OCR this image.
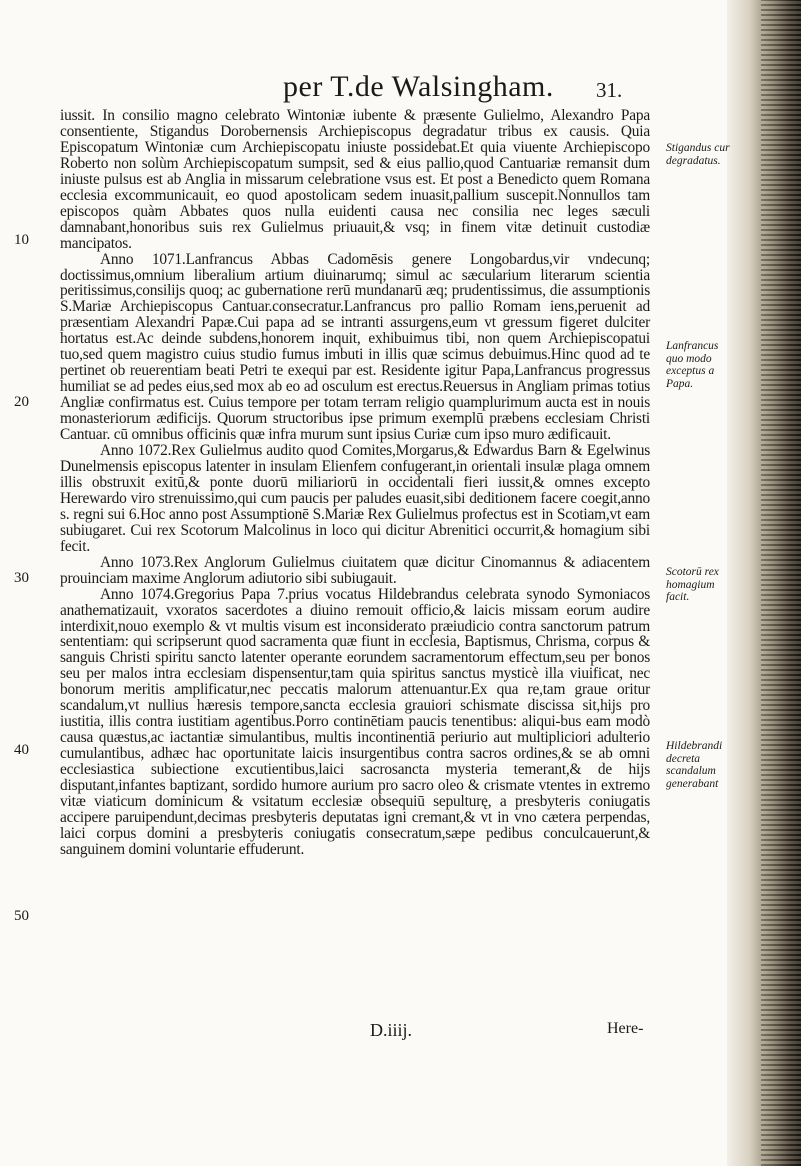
per T.de Walsingham. 31.
10
20
30
40
50

iussit. In consilio magno celebrato Wintoniæ iubente & præsente Gulielmo, Alexandro Papa consentiente, Stigandus Dorobernensis Archiepiscopus degradatur tribus ex causis. Quia Episcopatum Wintoniæ cum Archiepiscopatu iniuste possidebat.Et quia viuente Archiepiscopo Roberto non solùm Archiepiscopatum sumpsit, sed & eius pallio,quod Cantuariæ remansit dum iniuste pulsus est ab Anglia in missarum celebratione vsus est. Et post a Benedicto quem Romana ecclesia excommunicauit, eo quod apostolicam sedem inuasit,pallium suscepit.Nonnullos tam episcopos quàm Abbates quos nulla euidenti causa nec consilia nec leges sæculi damnabant,honoribus suis rex Gulielmus priuauit,& vsq; in finem vitæ detinuit custodiæ mancipatos.

Anno 1071.Lanfrancus Abbas Cadomēsis genere Longobardus,vir vndecunq; doctissimus,omnium liberalium artium diuinarumq; simul ac sæcularium literarum scientia peritissimus,consilijs quoq; ac gubernatione rerū mundanarū æq; prudentissimus, die assumptionis S.Mariæ Archiepiscopus Cantuar.consecratur.Lanfrancus pro pallio Romam iens,peruenit ad præsentiam Alexandri Papæ.Cui papa ad se intranti assurgens,eum vt gressum figeret dulciter hortatus est.Ac deinde subdens,honorem inquit, exhibuimus tibi, non quem Archiepiscopatui tuo,sed quem magistro cuius studio fumus imbuti in illis quæ scimus debuimus.Hinc quod ad te pertinet ob reuerentiam beati Petri te exequi par est. Residente igitur Papa,Lanfrancus progressus humiliat se ad pedes eius,sed mox ab eo ad osculum est erectus.Reuersus in Angliam primas totius Angliæ confirmatus est. Cuius tempore per totam terram religio quamplurimum aucta est in nouis monasteriorum ædificijs. Quorum structoribus ipse primum exemplū præbens ecclesiam Christi Cantuar. cū omnibus officinis quæ infra murum sunt ipsius Curiæ cum ipso muro ædificauit.

Anno 1072.Rex Gulielmus audito quod Comites,Morgarus,& Edwardus Barn & Egelwinus Dunelmensis episcopus latenter in insulam Elienfem confugerant,in orientali insulæ plaga omnem illis obstruxit exitū,& ponte duorū miliariorū in occidentali fieri iussit,& omnes excepto Herewardo viro strenuissimo,qui cum paucis per paludes euasit,sibi deditionem facere coegit,anno s. regni sui 6.Hoc anno post Assumptionē S.Mariæ Rex Gulielmus profectus est in Scotiam,vt eam subiugaret. Cui rex Scotorum Malcolinus in loco qui dicitur Abrenitici occurrit,& homagium sibi fecit.

Anno 1073.Rex Anglorum Gulielmus ciuitatem quæ dicitur Cinomannus & adiacentem prouinciam maxime Anglorum adiutorio sibi subiugauit.

Anno 1074.Gregorius Papa 7.prius vocatus Hildebrandus celebrata synodo Symoniacos anathematizauit, vxoratos sacerdotes a diuino remouit officio,& laicis missam eorum audire interdixit,nouo exemplo & vt multis visum est inconsiderato præiudicio contra sanctorum patrum sententiam: qui scripserunt quod sacramenta quæ fiunt in ecclesia, Baptismus, Chrisma, corpus & sanguis Christi spiritu sancto latenter operante eorundem sacramentorum effectum,seu per bonos seu per malos intra ecclesiam dispensentur,tam quia spiritus sanctus mysticè illa viuificat, nec bonorum meritis amplificatur,nec peccatis malorum attenuantur.Ex qua re,tam graue oritur scandalum,vt nullius hæresis tempore,sancta ecclesia grauiori schismate discissa sit,hijs pro iustitia, illis contra iustitiam agentibus.Porro continētiam paucis tenentibus: aliqui-bus eam modò causa quæstus,ac iactantiæ simulantibus, multis incontinentiā periurio aut multipliciori adulterio cumulantibus, adhæc hac oportunitate laicis insurgentibus contra sacros ordines,& se ab omni ecclesiastica subiectione excutientibus,laici sacrosancta mysteria temerant,& de hijs disputant,infantes baptizant, sordido humore aurium pro sacro oleo & crismate vtentes in extremo vitæ viaticum dominicum & vsitatum ecclesiæ obsequiū sepulturę, a presbyteris coniugatis accipere paruipendunt,decimas presbyteris deputatas igni cremant,& vt in vno cætera perpendas, laici corpus domini a presbyteris coniugatis consecratum,sæpe pedibus conculcauerunt,& sanguinem domini voluntarie effuderunt.

Stigandus cur degradatus.
Lanfrancus quo modo exceptus a Papa.
Scotorū rex homagium facit.
Hildebrandi decreta scandalum generabant
D.iiij.	Here-
